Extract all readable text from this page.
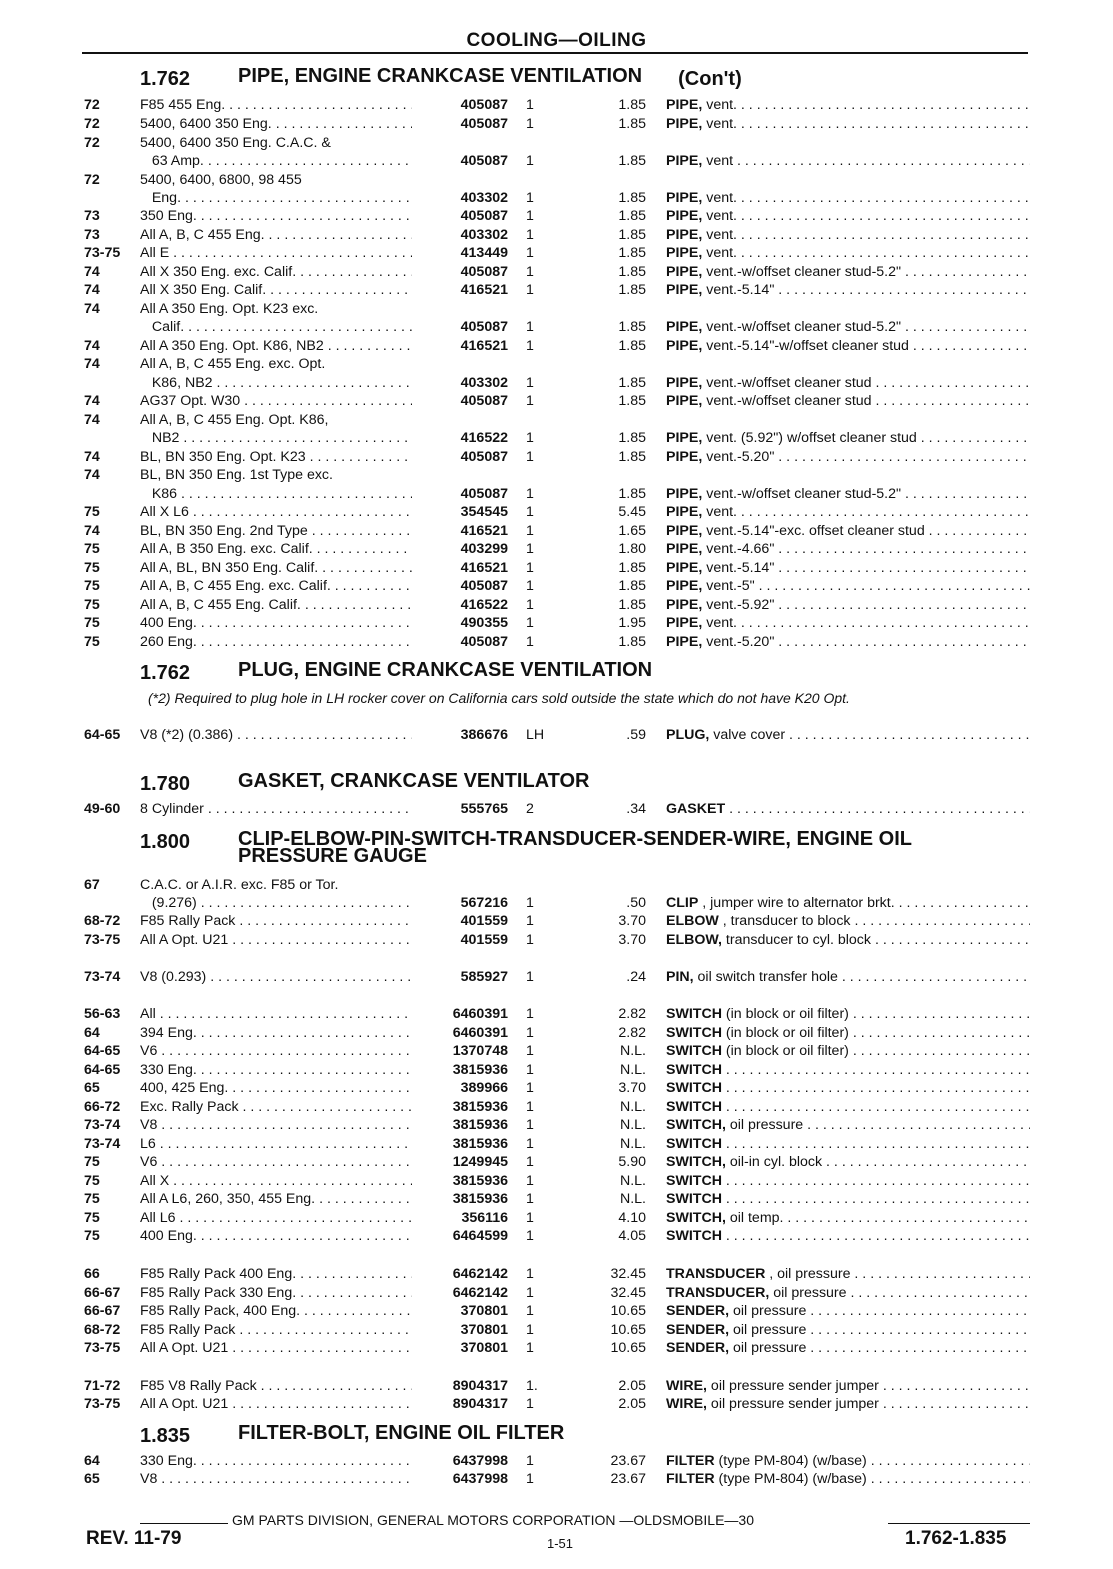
COOLING—OILING
1.762 PIPE, ENGINE CRANKCASE VENTILATION (Con't)
1.762 PLUG, ENGINE CRANKCASE VENTILATION
(*2) Required to plug hole in LH rocker cover on California cars sold outside the state which do not have K20 Opt.
1.780 GASKET, CRANKCASE VENTILATOR
1.800 CLIP-ELBOW-PIN-SWITCH-TRANSDUCER-SENDER-WIRE, ENGINE OIL
PRESSURE GAUGE
1.835 FILTER-BOLT, ENGINE OIL FILTER
72	F85 455 Eng. . . .	405087 1	1.85 PIPE, vent. . . .
72	5400, 6400 350 Eng. . . .	405087 1	1.85 PIPE, vent. . . .
72	5400, 6400 350 Eng. C.A.C. &
63 Amp. . . .	405087 1	1.85 PIPE, vent . . .
72	5400, 6400, 6800, 98 455
Eng. . . .	403302 1	1.85 PIPE, vent. . . .
73	350 Eng. . . .	405087 1	1.85 PIPE, vent. . . .
73	All A, B, C 455 Eng. . . .	403302 1	1.85 PIPE, vent. . . .
73-75 All E . . .	413449 1	1.85 PIPE, vent. . . .
74	All X 350 Eng. exc. Calif. . . .	405087 1	1.85 PIPE, vent.-w/offset cleaner stud-5.2" . . .
74	All X 350 Eng. Calif. . . .	416521 1	1.85 PIPE, vent.-5.14" . . .
74	All A 350 Eng. Opt. K23 exc.
Calif. . . .	405087 1	1.85 PIPE, vent.-w/offset cleaner stud-5.2" . . .
74	All A 350 Eng. Opt. K86, NB2 . . .	416521 1	1.85 PIPE, vent.-5.14"-w/offset cleaner stud . . .
74	All A, B, C 455 Eng. exc. Opt.
K86, NB2 . . .	403302 1	1.85 PIPE, vent.-w/offset cleaner stud . . .
74	AG37 Opt. W30 . . .	405087 1	1.85 PIPE, vent.-w/offset cleaner stud . . .
74	All A, B, C 455 Eng. Opt. K86,
NB2 . . .	416522 1	1.85 PIPE, vent. (5.92") w/offset cleaner stud . . .
74	BL, BN 350 Eng. Opt. K23 . . .	405087 1	1.85 PIPE, vent.-5.20" . . .
74	BL, BN 350 Eng. 1st Type exc.
K86 . . .	405087 1	1.85 PIPE, vent.-w/offset cleaner stud-5.2" . . .
75	All X L6 . . .	354545 1	5.45 PIPE, vent. . . .
74	BL, BN 350 Eng. 2nd Type . . .	416521 1	1.65 PIPE, vent.-5.14"-exc. offset cleaner stud . . .
75	All A, B 350 Eng. exc. Calif. . . .	403299 1	1.80 PIPE, vent.-4.66" . . .
75	All A, BL, BN 350 Eng. Calif. . . .	416521 1	1.85 PIPE, vent.-5.14" . . .
75	All A, B, C 455 Eng. exc. Calif. . . .	405087 1	1.85 PIPE, vent.-5" . . .
75	All A, B, C 455 Eng. Calif. . . .	416522 1	1.85 PIPE, vent.-5.92" . . .
75	400 Eng. . . .	490355 1	1.95 PIPE, vent. . . .
75	260 Eng. . . .	405087 1	1.85 PIPE, vent.-5.20" . . .
64-65 V8 (*2) (0.386) . . .	386676 LH	.59 PLUG, valve cover . . .
49-60 8 Cylinder . . .	555765 2	.34 GASKET . . .
67	C.A.C. or A.I.R. exc. F85 or Tor.
(9.276) . . .	567216 1	.50 CLIP , jumper wire to alternator brkt. . . .
68-72 F85 Rally Pack . . .	401559 1	3.70 ELBOW , transducer to block . . .
73-75 All A Opt. U21 . . .	401559 1	3.70 ELBOW, transducer to cyl. block . . .
73-74 V8 (0.293) . . .	585927 1	.24 PIN, oil switch transfer hole . . .
56-63 All . . .	6460391 1	2.82 SWITCH (in block or oil filter) . . .
64	394 Eng. . . .	6460391 1	2.82 SWITCH (in block or oil filter) . . .
64-65 V6 . . .	1370748 1	N.L. SWITCH (in block or oil filter) . . .
64-65 330 Eng. . . .	3815936 1	N.L. SWITCH . . .
65	400, 425 Eng. . . .	389966 1	3.70 SWITCH . . .
66-72 Exc. Rally Pack . . .	3815936 1	N.L. SWITCH . . .
73-74 V8 . . .	3815936 1	N.L. SWITCH, oil pressure . . .
73-74 L6 . . .	3815936 1	N.L. SWITCH . . .
75	V6 . . .	1249945 1	5.90 SWITCH, oil-in cyl. block . . .
75	All X . . .	3815936 1	N.L. SWITCH . . .
75	All A L6, 260, 350, 455 Eng. . . .	3815936 1	N.L. SWITCH . . .
75	All L6 . . .	356116 1	4.10 SWITCH, oil temp. . . .
75	400 Eng. . . .	6464599 1	4.05 SWITCH . . .
66	F85 Rally Pack 400 Eng. . . .	6462142 1	32.45 TRANSDUCER , oil pressure . . .
66-67 F85 Rally Pack 330 Eng. . . .	6462142 1	32.45 TRANSDUCER, oil pressure . . .
66-67 F85 Rally Pack, 400 Eng. . . .	370801 1	10.65 SENDER, oil pressure . . .
68-72 F85 Rally Pack . . .	370801 1	10.65 SENDER, oil pressure . . .
73-75 All A Opt. U21 . . .	370801 1	10.65 SENDER, oil pressure . . .
71-72 F85 V8 Rally Pack . . .	8904317 1.	2.05 WIRE, oil pressure sender jumper . . .
73-75 All A Opt. U21 . . .	8904317 1	2.05 WIRE, oil pressure sender jumper . . .
64	330 Eng. . . .	6437998 1	23.67 FILTER (type PM-804) (w/base) . . .
65	V8 . . .	6437998 1	23.67 FILTER (type PM-804) (w/base) . . .
GM PARTS DIVISION, GENERAL MOTORS CORPORATION —OLDSMOBILE—30
REV. 11-79	1-51	1.762-1.835
